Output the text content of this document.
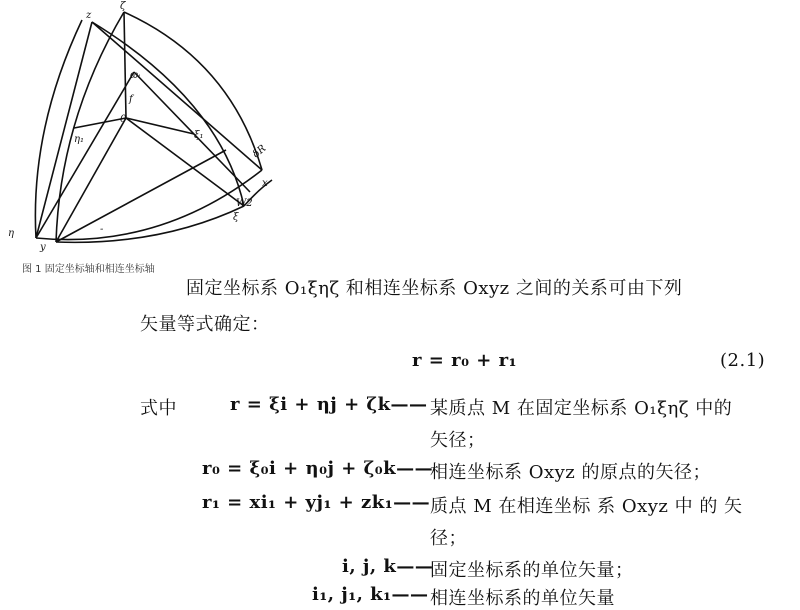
z
ζ
ωᵢ
f
0
η₁	ξ₁
δR
x
W2
ξ
η
y
-
图 1 固定坐标轴和相连坐标轴
固定坐标系 O₁ξηζ 和相连坐标系 Oxyz 之间的关系可由下列
矢量等式确定：
r = r₀ + r₁	(2.1)
式中	r = ξi + ηj + ζk—— 某质点 M 在固定坐标系 O₁ξηζ 中的
矢径；
r₀ = ξ₀i + η₀j + ζ₀k——
相连坐标系 Oxyz 的原点的矢径；
r₁ = xi₁ + yj₁ + zk₁—— 质点 M 在相连坐标 系 Oxyz 中 的 矢
径；
i, j, k——
固定坐标系的单位矢量；
i₁, j₁, k₁—— 相连坐标系的单位矢量
